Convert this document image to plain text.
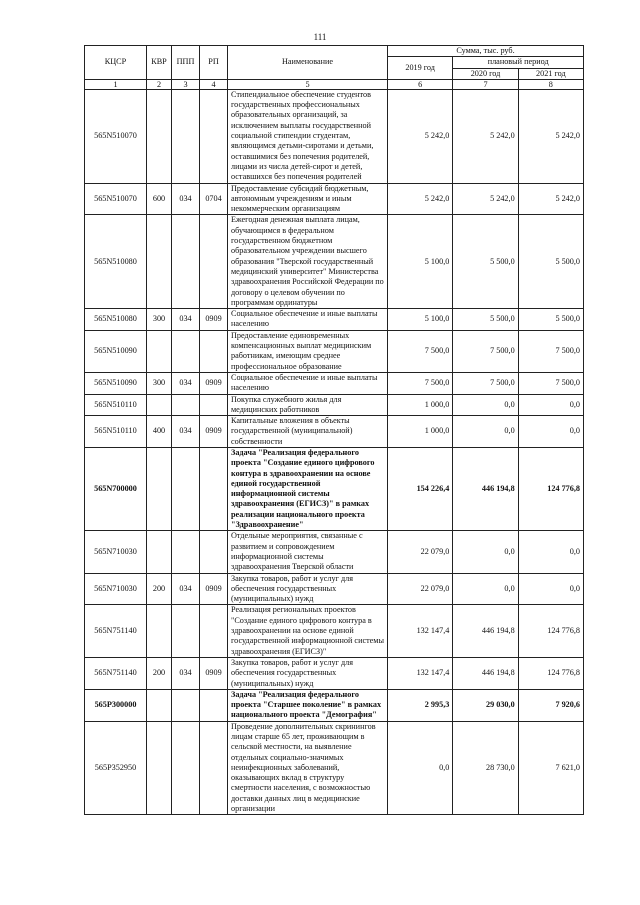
111
КЦСР	КВР	ППП	РП	Наименование	Сумма, тыс. руб.		
					2019 год	плановый период	
						2020 год	2021 год
1	2	3	4	5	6	7	8
565N510070				Стипендиальное обеспечение студентов государственных профессиональных образовательных организаций, за исключением выплаты государственной социальной стипендии студентам, являющимся детьми-сиротами и детьми, оставшимися без попечения родителей, лицами из числа детей-сирот и детей, оставшихся без попечения родителей	5 242,0	5 242,0	5 242,0
565N510070	600	034	0704	Предоставление субсидий бюджетным, автономным учреждениям и иным некоммерческим организациям	5 242,0	5 242,0	5 242,0
565N510080				Ежегодная денежная выплата лицам, обучающимся в федеральном государственном бюджетном образовательном учреждении высшего образования "Тверской государственный медицинский университет" Министерства здравоохранения Российской Федерации по договору о целевом обучении по программам ординатуры	5 100,0	5 500,0	5 500,0
565N510080	300	034	0909	Социальное обеспечение и иные выплаты населению	5 100,0	5 500,0	5 500,0
565N510090				Предоставление единовременных компенсационных выплат медицинским работникам, имеющим среднее профессиональное образование	7 500,0	7 500,0	7 500,0
565N510090	300	034	0909	Социальное обеспечение и иные выплаты населению	7 500,0	7 500,0	7 500,0
565N510110				Покупка служебного жилья для медицинских работников	1 000,0	0,0	0,0
565N510110	400	034	0909	Капитальные вложения в объекты государственной (муниципальной) собственности	1 000,0	0,0	0,0
565N700000				Задача "Реализация федерального проекта "Создание единого цифрового контура в здравоохранении на основе единой государственной информационной системы здравоохранения (ЕГИСЗ)" в рамках реализации национального проекта "Здравоохранение"	154 226,4	446 194,8	124 776,8
565N710030				Отдельные мероприятия, связанные с развитием и сопровождением информационной системы здравоохранения Тверской области	22 079,0	0,0	0,0
565N710030	200	034	0909	Закупка товаров, работ и услуг для обеспечения государственных (муниципальных) нужд	22 079,0	0,0	0,0
565N751140				Реализация региональных проектов "Создание единого цифрового контура в здравоохранении на основе единой государственной информационной системы здравоохранения (ЕГИСЗ)"	132 147,4	446 194,8	124 776,8
565N751140	200	034	0909	Закупка товаров, работ и услуг для обеспечения государственных (муниципальных) нужд	132 147,4	446 194,8	124 776,8
565P300000				Задача "Реализация федерального проекта "Старшее поколение" в рамках национального проекта "Демография"	2 995,3	29 030,0	7 920,6
565P352950				Проведение дополнительных скринингов лицам старше 65 лет, проживающим в сельской местности, на выявление отдельных социально-значимых неинфекционных заболеваний, оказывающих вклад в структуру смертности населения, с возможностью доставки данных лиц в медицинские организации	0,0	28 730,0	7 621,0
